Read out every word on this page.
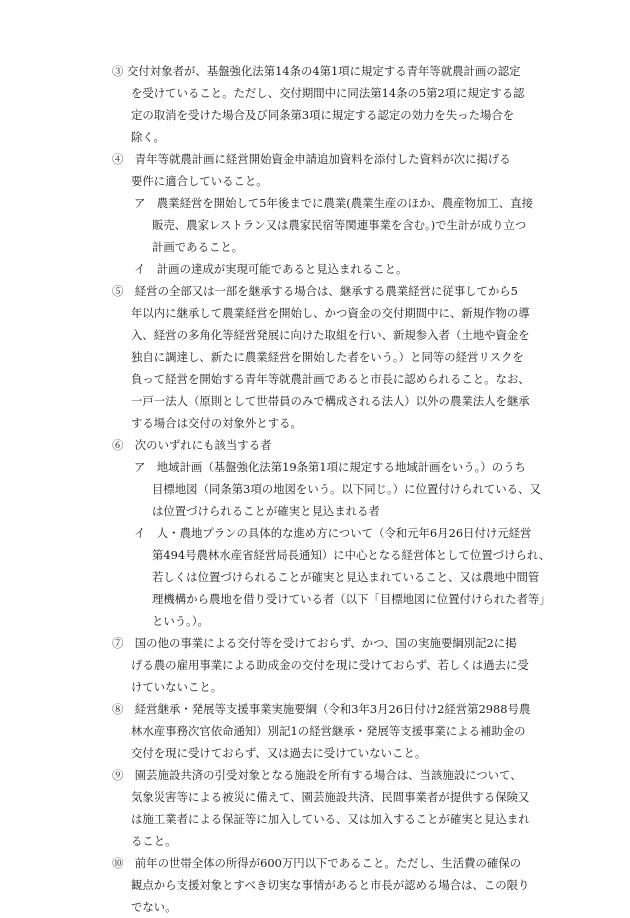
③ 交付対象者が、基盤強化法第14条の4第1項に規定する青年等就農計画の認定
を受けていること。ただし、交付期間中に同法第14条の5第2項に規定する認
定の取消を受けた場合及び同条第3項に規定する認定の効力を失った場合を
除く。
④　青年等就農計画に経営開始資金申請追加資料を添付した資料が次に掲げる
要件に適合していること。
ア　農業経営を開始して5年後までに農業(農業生産のほか、農産物加工、直接
販売、農家レストラン又は農家民宿等関連事業を含む。)で生計が成り立つ
計画であること。
イ　計画の達成が実現可能であると見込まれること。
⑤　経営の全部又は一部を継承する場合は、継承する農業経営に従事してから5
年以内に継承して農業経営を開始し、かつ資金の交付期間中に、新規作物の導
入、経営の多角化等経営発展に向けた取組を行い、新規参入者（土地や資金を
独自に調達し、新たに農業経営を開始した者をいう。）と同等の経営リスクを
負って経営を開始する青年等就農計画であると市長に認められること。なお、
一戸一法人（原則として世帯員のみで構成される法人）以外の農業法人を継承
する場合は交付の対象外とする。
⑥　次のいずれにも該当する者
ア　地域計画（基盤強化法第19条第1項に規定する地域計画をいう。）のうち
目標地図（同条第3項の地図をいう。以下同じ。）に位置付けられている、又
は位置づけられることが確実と見込まれる者
イ　人・農地プランの具体的な進め方について（令和元年6月26日付け元経営
第494号農林水産省経営局長通知）に中心となる経営体として位置づけられ、
若しくは位置づけられることが確実と見込まれていること、又は農地中間管
理機構から農地を借り受けている者（以下「目標地図に位置付けられた者等」
という。）。
⑦　国の他の事業による交付等を受けておらず、かつ、国の実施要綱別記2に掲
げる農の雇用事業による助成金の交付を現に受けておらず、若しくは過去に受
けていないこと。
⑧　経営継承・発展等支援事業実施要綱（令和3年3月26日付け2経営第2988号農
林水産事務次官依命通知）別記1の経営継承・発展等支援事業による補助金の
交付を現に受けておらず、又は過去に受けていないこと。
⑨　園芸施設共済の引受対象となる施設を所有する場合は、当該施設について、
気象災害等による被災に備えて、園芸施設共済、民間事業者が提供する保険又
は施工業者による保証等に加入している、又は加入することが確実と見込まれ
ること。
⑩　前年の世帯全体の所得が600万円以下であること。ただし、生活費の確保の
観点から支援対象とすべき切実な事情があると市長が認める場合は、この限り
でない。
